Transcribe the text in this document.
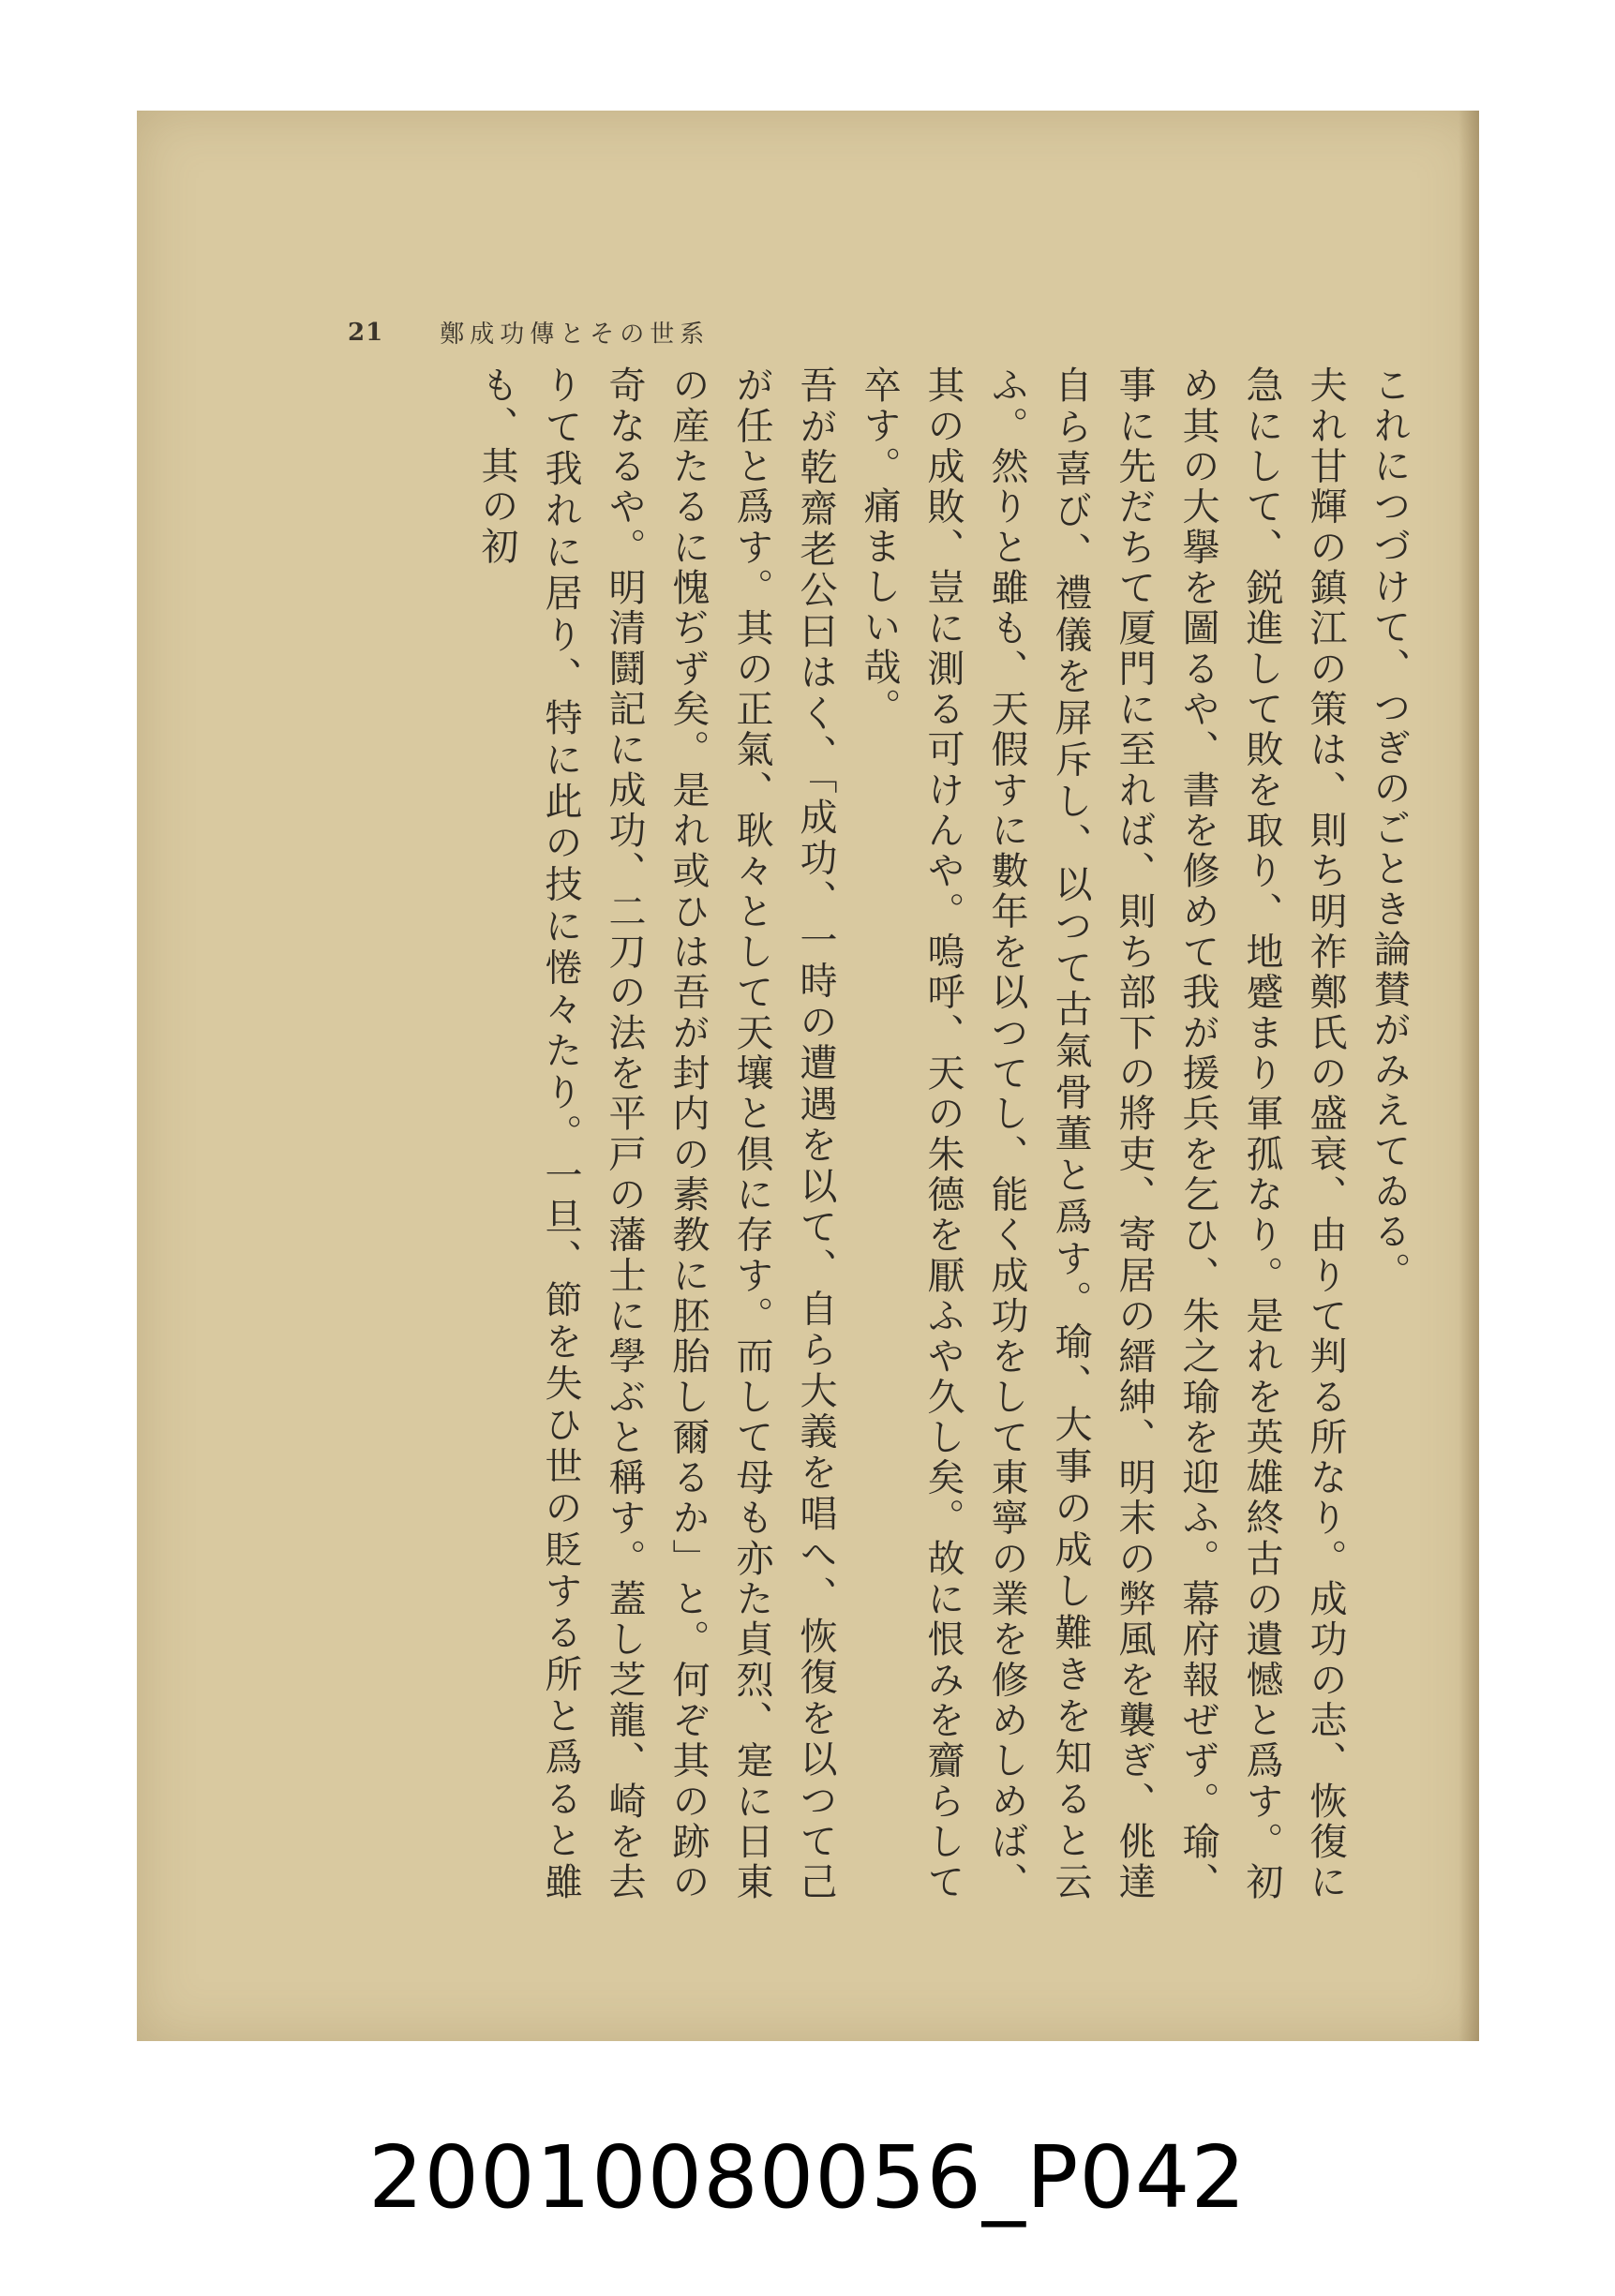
21 鄭成功傳とその世系

これにつづけて、つぎのごとき論賛がみえてゐる。

夫れ甘輝の鎮江の策は、則ち明祚鄭氏の盛衰、由りて判る所なり。成功の志、恢復に急にして、鋭進して敗を取り、地蹙まり軍孤なり。是れを英雄終古の遺憾と爲す。初め其の大擧を圖るや、書を修めて我が援兵を乞ひ、朱之瑜を迎ふ。幕府報ぜず。瑜、事に先だちて厦門に至れば、則ち部下の將吏、寄居の縉紳、明末の弊風を襲ぎ、佻達自ら喜び、禮儀を屏斥し、以つて古氣骨董と爲す。瑜、大事の成し難きを知ると云ふ。然りと雖も、天假すに數年を以つてし、能く成功をして東寧の業を修めしめば、其の成敗、豈に測る可けんや。嗚呼、天の朱德を厭ふや久し矣。故に恨みを齎らして卒す。痛ましい哉。

吾が乾齋老公曰はく、「成功、一時の遭遇を以て、自ら大義を唱へ、恢復を以つて己が任と爲す。其の正氣、耿々として天壤と倶に存す。而して母も亦た貞烈、寔に日東の産たるに愧ぢず矣。是れ或ひは吾が封内の素教に胚胎し爾るか」と。何ぞ其の跡の奇なるや。明清鬪記に成功、二刀の法を平戸の藩士に學ぶと稱す。蓋し芝龍、崎を去りて我れに居り、特に此の技に惓々たり。一旦、節を失ひ世の貶する所と爲ると雖も、其の初

20010080056_P042
